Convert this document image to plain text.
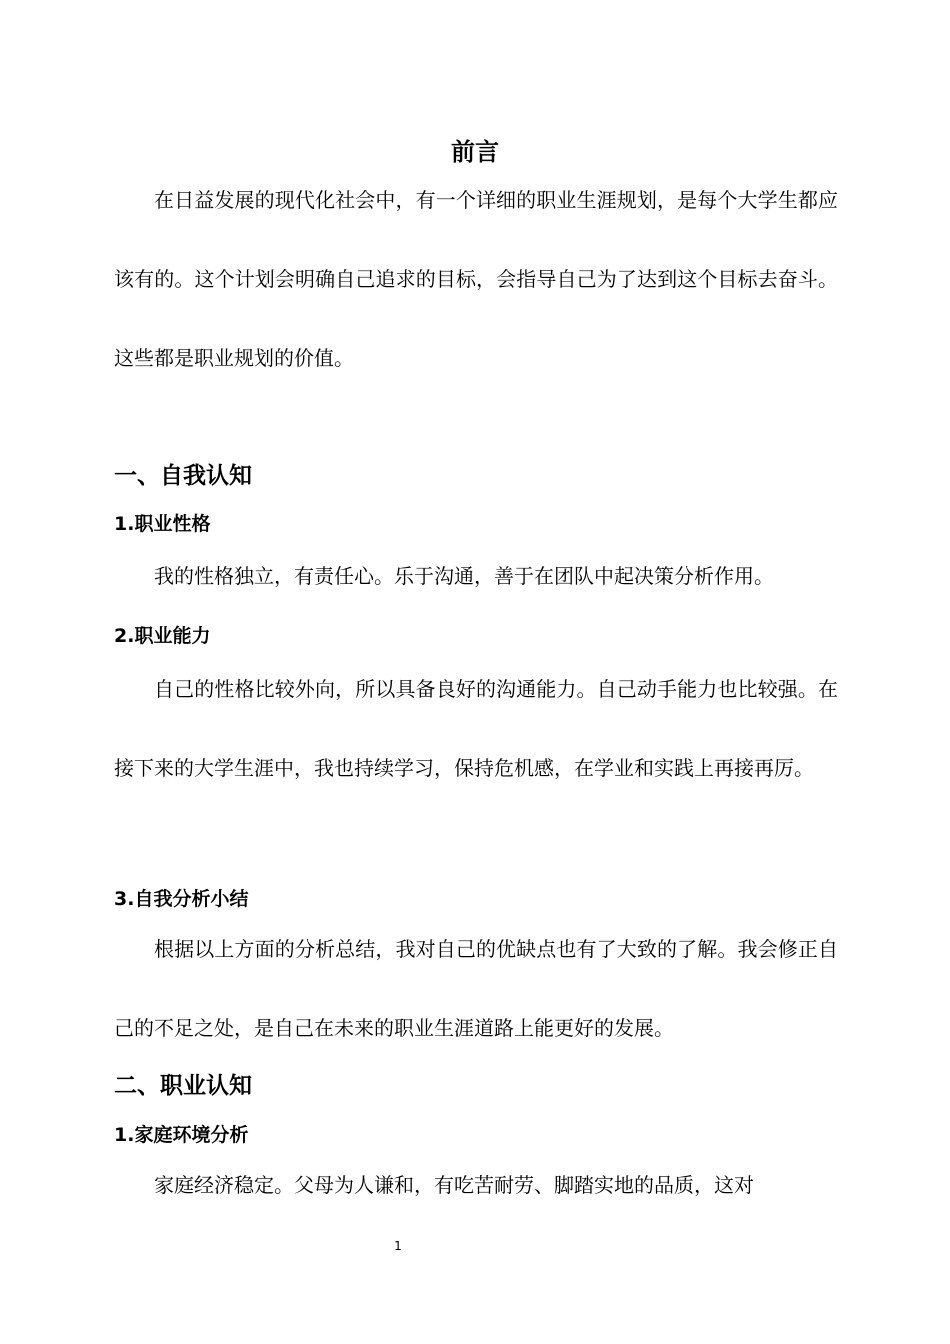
前言

在日益发展的现代化社会中，有一个详细的职业生涯规划，是每个大学生都应该有的。这个计划会明确自己追求的目标，会指导自己为了达到这个目标去奋斗。这些都是职业规划的价值。

一、自我认知
1.职业性格

我的性格独立，有责任心。乐于沟通，善于在团队中起决策分析作用。

2.职业能力

自己的性格比较外向，所以具备良好的沟通能力。自己动手能力也比较强。在接下来的大学生涯中，我也持续学习，保持危机感，在学业和实践上再接再厉。

3.自我分析小结

根据以上方面的分析总结，我对自己的优缺点也有了大致的了解。我会修正自己的不足之处，是自己在未来的职业生涯道路上能更好的发展。

二、职业认知
1.家庭环境分析

家庭经济稳定。父母为人谦和，有吃苦耐劳、脚踏实地的品质，这对

1
